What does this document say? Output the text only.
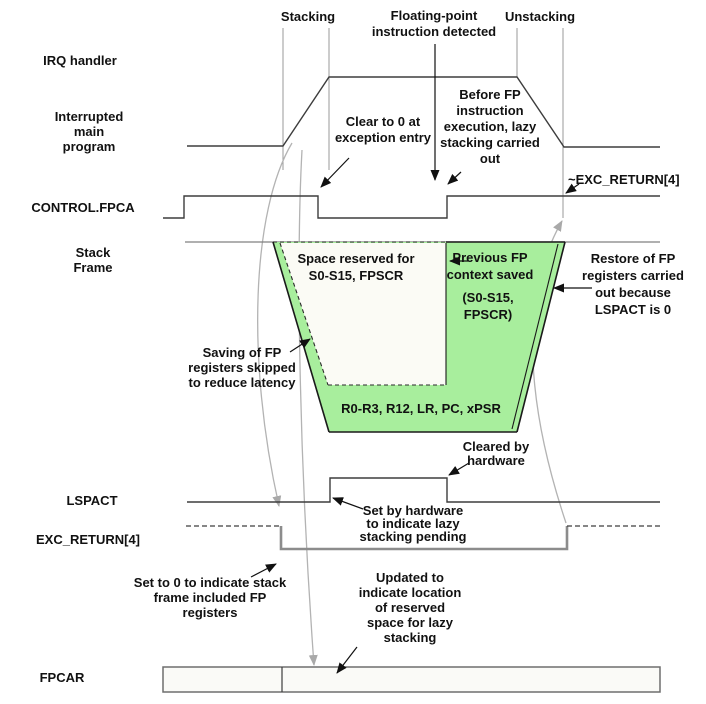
Stacking	Floating-point
instruction detected
Unstacking
IRQ handler
Interrupted
main
program
CONTROL.FPCA
Stack
Frame
LSPACT
EXC_RETURN[4]
FPCAR
~EXC_RETURN[4]
Space reserved for
S0-S15, FPSCR
Previous FP
context saved
(S0-S15,
FPSCR)
R0-R3, R12, LR, PC, xPSR
Clear to 0 at
exception entry
Before FP
instruction
execution, lazy
stacking carried
out
Restore of FP
registers carried
out because
LSPACT is 0
Saving of FP
registers skipped
to reduce latency
Cleared by
hardware
Set by hardware
to indicate lazy
stacking pending
Set to 0 to indicate stack
frame included FP
registers
Updated to
indicate location
of reserved
space for lazy
stacking
